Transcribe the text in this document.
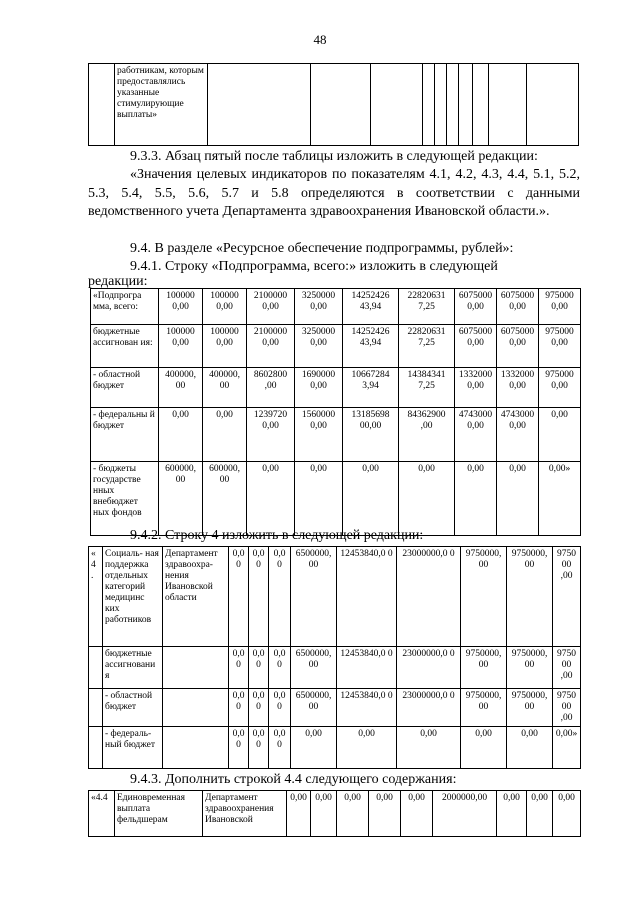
48
	работникам, которым предоставлялись указанные стимулирующие выплаты»										
9.3.3. Абзац пятый после таблицы изложить в следующей редакции:
«Значения целевых индикаторов по показателям 4.1, 4.2, 4.3, 4.4, 5.1, 5.2, 5.3, 5.4, 5.5, 5.6, 5.7 и 5.8 определяются в соответствии с данными ведомственного учета Департамента здравоохранения Ивановской области.».
9.4. В разделе «Ресурсное обеспечение подпрограммы, рублей»:
9.4.1. Строку «Подпрограмма, всего:» изложить в следующей
редакции:
«Подпрогра мма, всего:	100000 0,00	100000 0,00	2100000 0,00	3250000 0,00	14252426 43,94	22820631 7,25	6075000 0,00	6075000 0,00	975000 0,00
бюджетные ассигнован ия:	100000 0,00	100000 0,00	2100000 0,00	3250000 0,00	14252426 43,94	22820631 7,25	6075000 0,00	6075000 0,00	975000 0,00
- областной бюджет	400000, 00	400000, 00	8602800 ,00	1690000 0,00	10667284 3,94	14384341 7,25	1332000 0,00	1332000 0,00	975000 0,00
- федеральны й бюджет	0,00	0,00	1239720 0,00	1560000 0,00	13185698 00,00	84362900 ,00	4743000 0,00	4743000 0,00	0,00
- бюджеты государстве нных внебюджет ных фондов	600000, 00	600000, 00	0,00	0,00	0,00	0,00	0,00	0,00	0,00»
9.4.2. Строку 4 изложить в следующей редакции:
«4 .	Социаль- ная поддержка отдельных категорий медицинс ких работников	Департамент здравоохра- нения Ивановской области	0,0 0	0,0 0	0,0 0	6500000, 00	12453840,0 0	23000000,0 0	9750000, 00	9750000, 00	975000 ,00
	бюджетные ассигновани я		0,0 0	0,0 0	0,0 0	6500000, 00	12453840,0 0	23000000,0 0	9750000, 00	9750000, 00	975000 ,00
	- областной бюджет		0,0 0	0,0 0	0,0 0	6500000, 00	12453840,0 0	23000000,0 0	9750000, 00	9750000, 00	975000 ,00
	- федераль- ный бюджет		0,0 0	0,0 0	0,0 0	0,00	0,00	0,00	0,00	0,00	0,00»
9.4.3. Дополнить строкой 4.4 следующего содержания:
«4.4	Единовременная выплата фельдшерам	Департамент здравоохранения Ивановской	0,00	0,00	0,00	0,00	0,00	2000000,00	0,00	0,00	0,00
